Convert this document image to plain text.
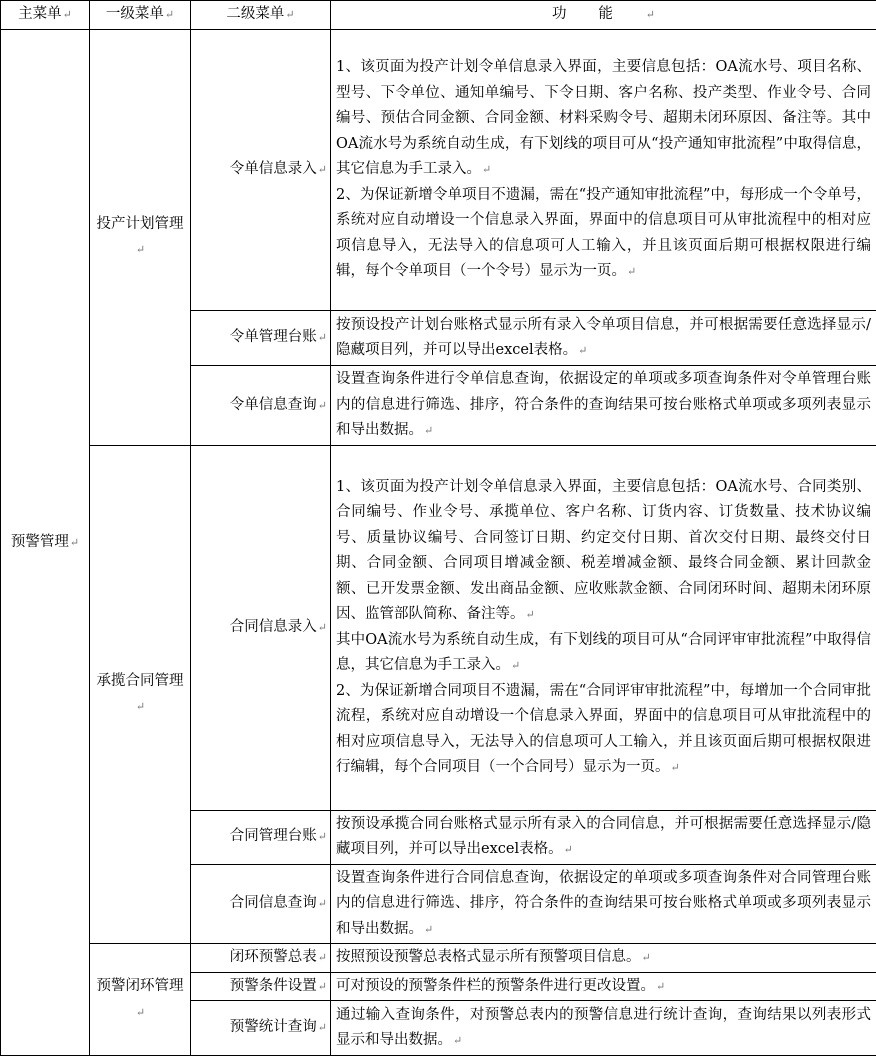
主菜单↵	一级菜单↵	二级菜单↵	功能↵
预警管理↵	投产计划管理↵	令单信息录入↵	1、该页面为投产计划令单信息录入界面，主要信息包括：OA流水号、项目名称、型号、下令单位、通知单编号、下令日期、客户名称、投产类型、作业令号、合同编号、预估合同金额、合同金额、材料采购令号、超期未闭环原因、备注等。其中OA流水号为系统自动生成，有下划线的项目可从“投产通知审批流程”中取得信息，其它信息为手工录入。↵

2、为保证新增令单项目不遗漏，需在“投产通知审批流程”中，每形成一个令单号，系统对应自动增设一个信息录入界面，界面中的信息项目可从审批流程中的相对应项信息导入，无法导入的信息项可人工输入，并且该页面后期可根据权限进行编辑，每个令单项目（一个令号）显示为一页。↵

		令单管理台账↵	按预设投产计划台账格式显示所有录入令单项目信息，并可根据需要任意选择显示/隐藏项目列，并可以导出excel表格。↵

		令单信息查询↵	设置查询条件进行令单信息查询，依据设定的单项或多项查询条件对令单管理台账内的信息进行筛选、排序，符合条件的查询结果可按台账格式单项或多项列表显示和导出数据。↵

	承揽合同管理↵	合同信息录入↵	1、该页面为投产计划令单信息录入界面，主要信息包括：OA流水号、合同类别、合同编号、作业令号、承揽单位、客户名称、订货内容、订货数量、技术协议编号、质量协议编号、合同签订日期、约定交付日期、首次交付日期、最终交付日期、合同金额、合同项目增减金额、税差增减金额、最终合同金额、累计回款金额、已开发票金额、发出商品金额、应收账款金额、合同闭环时间、超期未闭环原因、监管部队简称、备注等。↵

其中OA流水号为系统自动生成，有下划线的项目可从“合同评审审批流程”中取得信息，其它信息为手工录入。↵

2、为保证新增合同项目不遗漏，需在“合同评审审批流程”中，每增加一个合同审批流程，系统对应自动增设一个信息录入界面，界面中的信息项目可从审批流程中的相对应项信息导入，无法导入的信息项可人工输入，并且该页面后期可根据权限进行编辑，每个合同项目（一个合同号）显示为一页。↵

		合同管理台账↵	按预设承揽合同台账格式显示所有录入的合同信息，并可根据需要任意选择显示/隐藏项目列，并可以导出excel表格。↵

		合同信息查询↵	设置查询条件进行合同信息查询，依据设定的单项或多项查询条件对合同管理台账内的信息进行筛选、排序，符合条件的查询结果可按台账格式单项或多项列表显示和导出数据。↵

	预警闭环管理↵	闭环预警总表↵	按照预设预警总表格式显示所有预警项目信息。↵

		预警条件设置↵	可对预设的预警条件栏的预警条件进行更改设置。↵

		预警统计查询↵	通过输入查询条件，对预警总表内的预警信息进行统计查询，查询结果以列表形式显示和导出数据。↵
